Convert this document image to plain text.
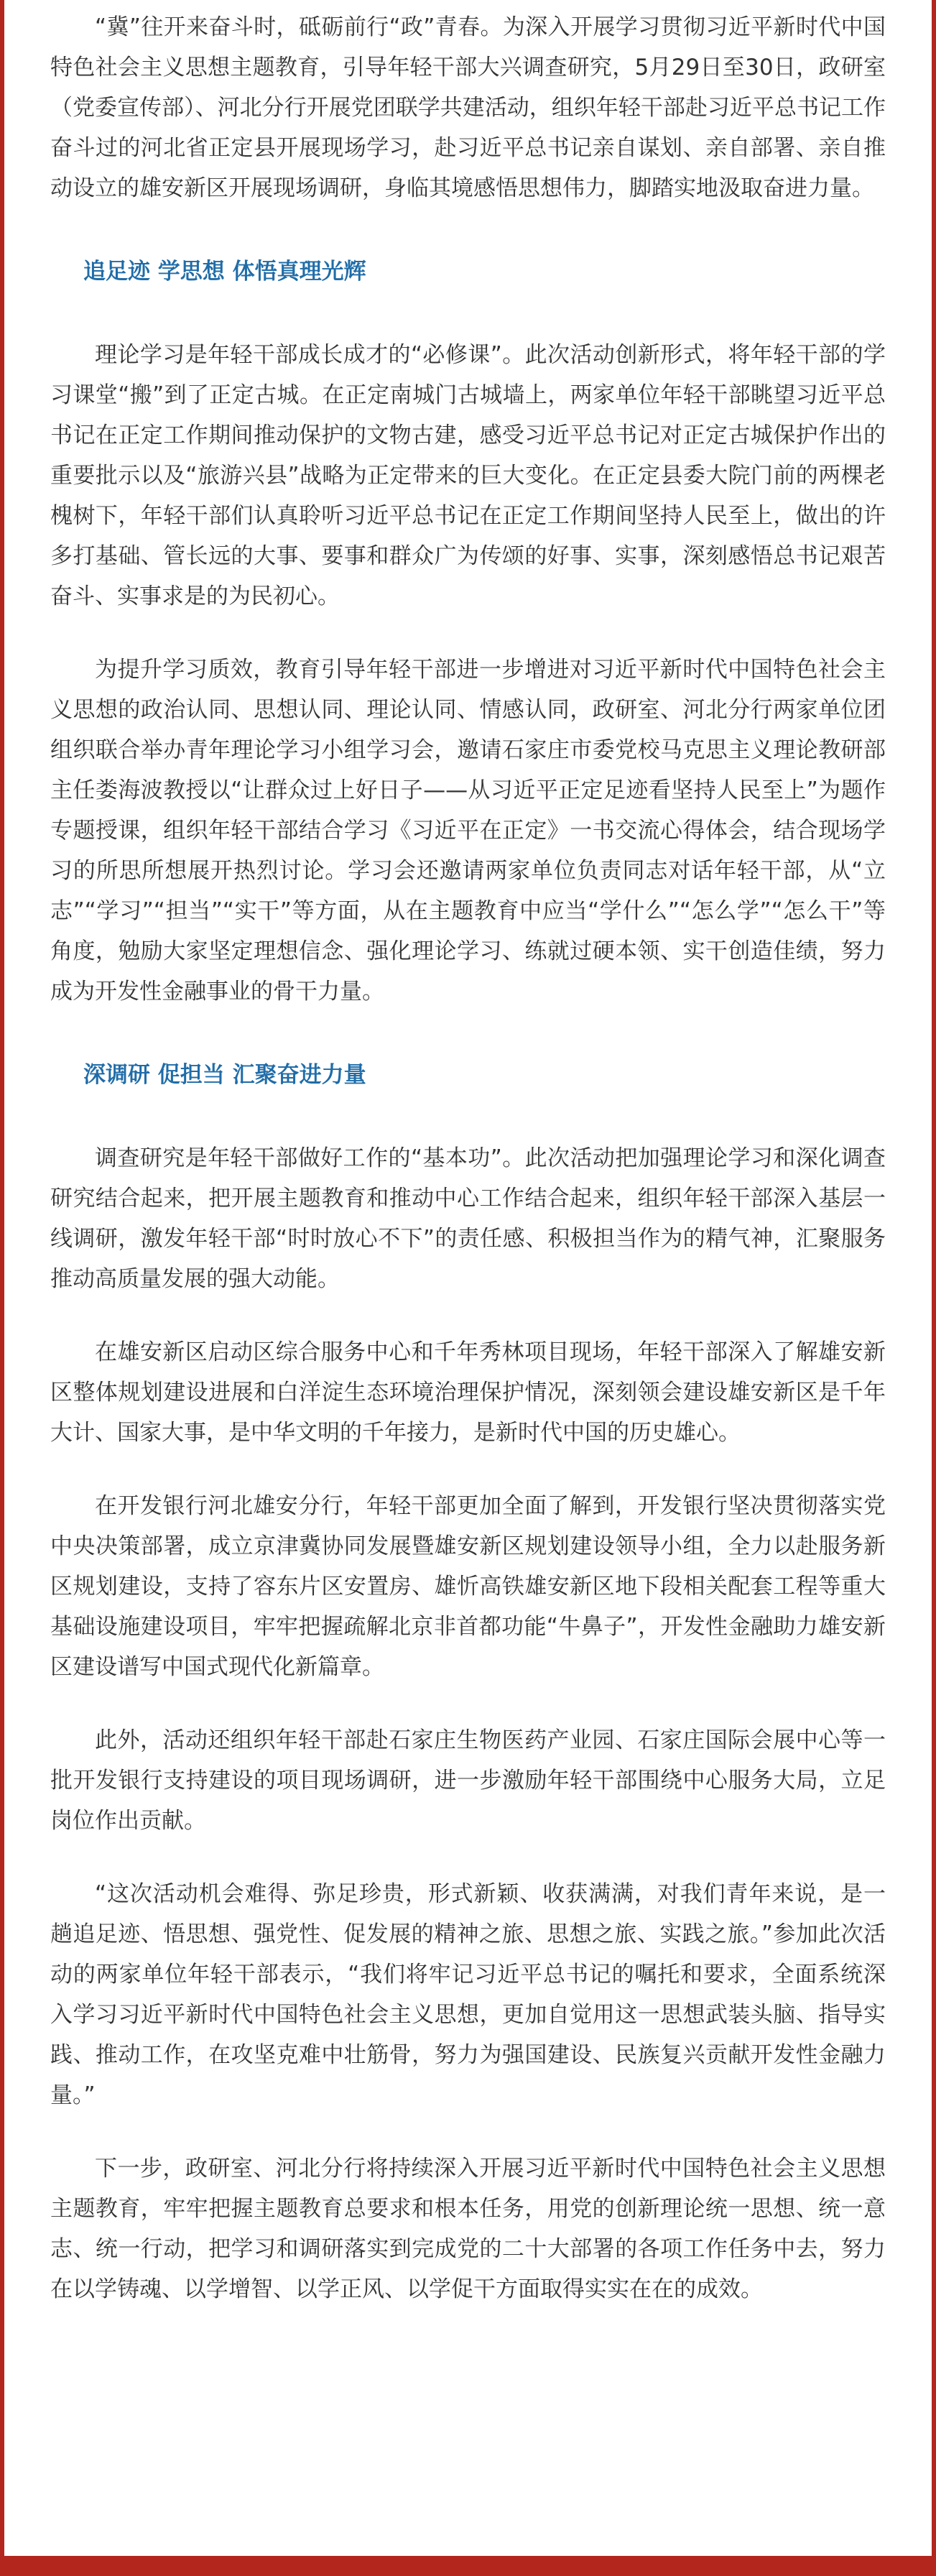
“冀”往开来奋斗时，砥砺前行“政”青春。为深入开展学习贯彻习近平新时代中国特色社会主义思想主题教育，引导年轻干部大兴调查研究，5月29日至30日，政研室（党委宣传部）、河北分行开展党团联学共建活动，组织年轻干部赴习近平总书记工作奋斗过的河北省正定县开展现场学习，赴习近平总书记亲自谋划、亲自部署、亲自推动设立的雄安新区开展现场调研，身临其境感悟思想伟力，脚踏实地汲取奋进力量。

追足迹 学思想 体悟真理光辉

理论学习是年轻干部成长成才的“必修课”。此次活动创新形式，将年轻干部的学习课堂“搬”到了正定古城。在正定南城门古城墙上，两家单位年轻干部眺望习近平总书记在正定工作期间推动保护的文物古建，感受习近平总书记对正定古城保护作出的重要批示以及“旅游兴县”战略为正定带来的巨大变化。在正定县委大院门前的两棵老槐树下，年轻干部们认真聆听习近平总书记在正定工作期间坚持人民至上，做出的许多打基础、管长远的大事、要事和群众广为传颂的好事、实事，深刻感悟总书记艰苦奋斗、实事求是的为民初心。

为提升学习质效，教育引导年轻干部进一步增进对习近平新时代中国特色社会主义思想的政治认同、思想认同、理论认同、情感认同，政研室、河北分行两家单位团组织联合举办青年理论学习小组学习会，邀请石家庄市委党校马克思主义理论教研部主任娄海波教授以“让群众过上好日子——从习近平正定足迹看坚持人民至上”为题作专题授课，组织年轻干部结合学习《习近平在正定》一书交流心得体会，结合现场学习的所思所想展开热烈讨论。学习会还邀请两家单位负责同志对话年轻干部，从“立志”“学习”“担当”“实干”等方面，从在主题教育中应当“学什么”“怎么学”“怎么干”等角度，勉励大家坚定理想信念、强化理论学习、练就过硬本领、实干创造佳绩，努力成为开发性金融事业的骨干力量。

深调研 促担当 汇聚奋进力量

调查研究是年轻干部做好工作的“基本功”。此次活动把加强理论学习和深化调查研究结合起来，把开展主题教育和推动中心工作结合起来，组织年轻干部深入基层一线调研，激发年轻干部“时时放心不下”的责任感、积极担当作为的精气神，汇聚服务推动高质量发展的强大动能。

在雄安新区启动区综合服务中心和千年秀林项目现场，年轻干部深入了解雄安新区整体规划建设进展和白洋淀生态环境治理保护情况，深刻领会建设雄安新区是千年大计、国家大事，是中华文明的千年接力，是新时代中国的历史雄心。

在开发银行河北雄安分行，年轻干部更加全面了解到，开发银行坚决贯彻落实党中央决策部署，成立京津冀协同发展暨雄安新区规划建设领导小组，全力以赴服务新区规划建设，支持了容东片区安置房、雄忻高铁雄安新区地下段相关配套工程等重大基础设施建设项目，牢牢把握疏解北京非首都功能“牛鼻子”，开发性金融助力雄安新区建设谱写中国式现代化新篇章。

此外，活动还组织年轻干部赴石家庄生物医药产业园、石家庄国际会展中心等一批开发银行支持建设的项目现场调研，进一步激励年轻干部围绕中心服务大局，立足岗位作出贡献。

“这次活动机会难得、弥足珍贵，形式新颖、收获满满，对我们青年来说，是一趟追足迹、悟思想、强党性、促发展的精神之旅、思想之旅、实践之旅。”参加此次活动的两家单位年轻干部表示，“我们将牢记习近平总书记的嘱托和要求，全面系统深入学习习近平新时代中国特色社会主义思想，更加自觉用这一思想武装头脑、指导实践、推动工作，在攻坚克难中壮筋骨，努力为强国建设、民族复兴贡献开发性金融力量。”

下一步，政研室、河北分行将持续深入开展习近平新时代中国特色社会主义思想主题教育，牢牢把握主题教育总要求和根本任务，用党的创新理论统一思想、统一意志、统一行动，把学习和调研落实到完成党的二十大部署的各项工作任务中去，努力在以学铸魂、以学增智、以学正风、以学促干方面取得实实在在的成效。
